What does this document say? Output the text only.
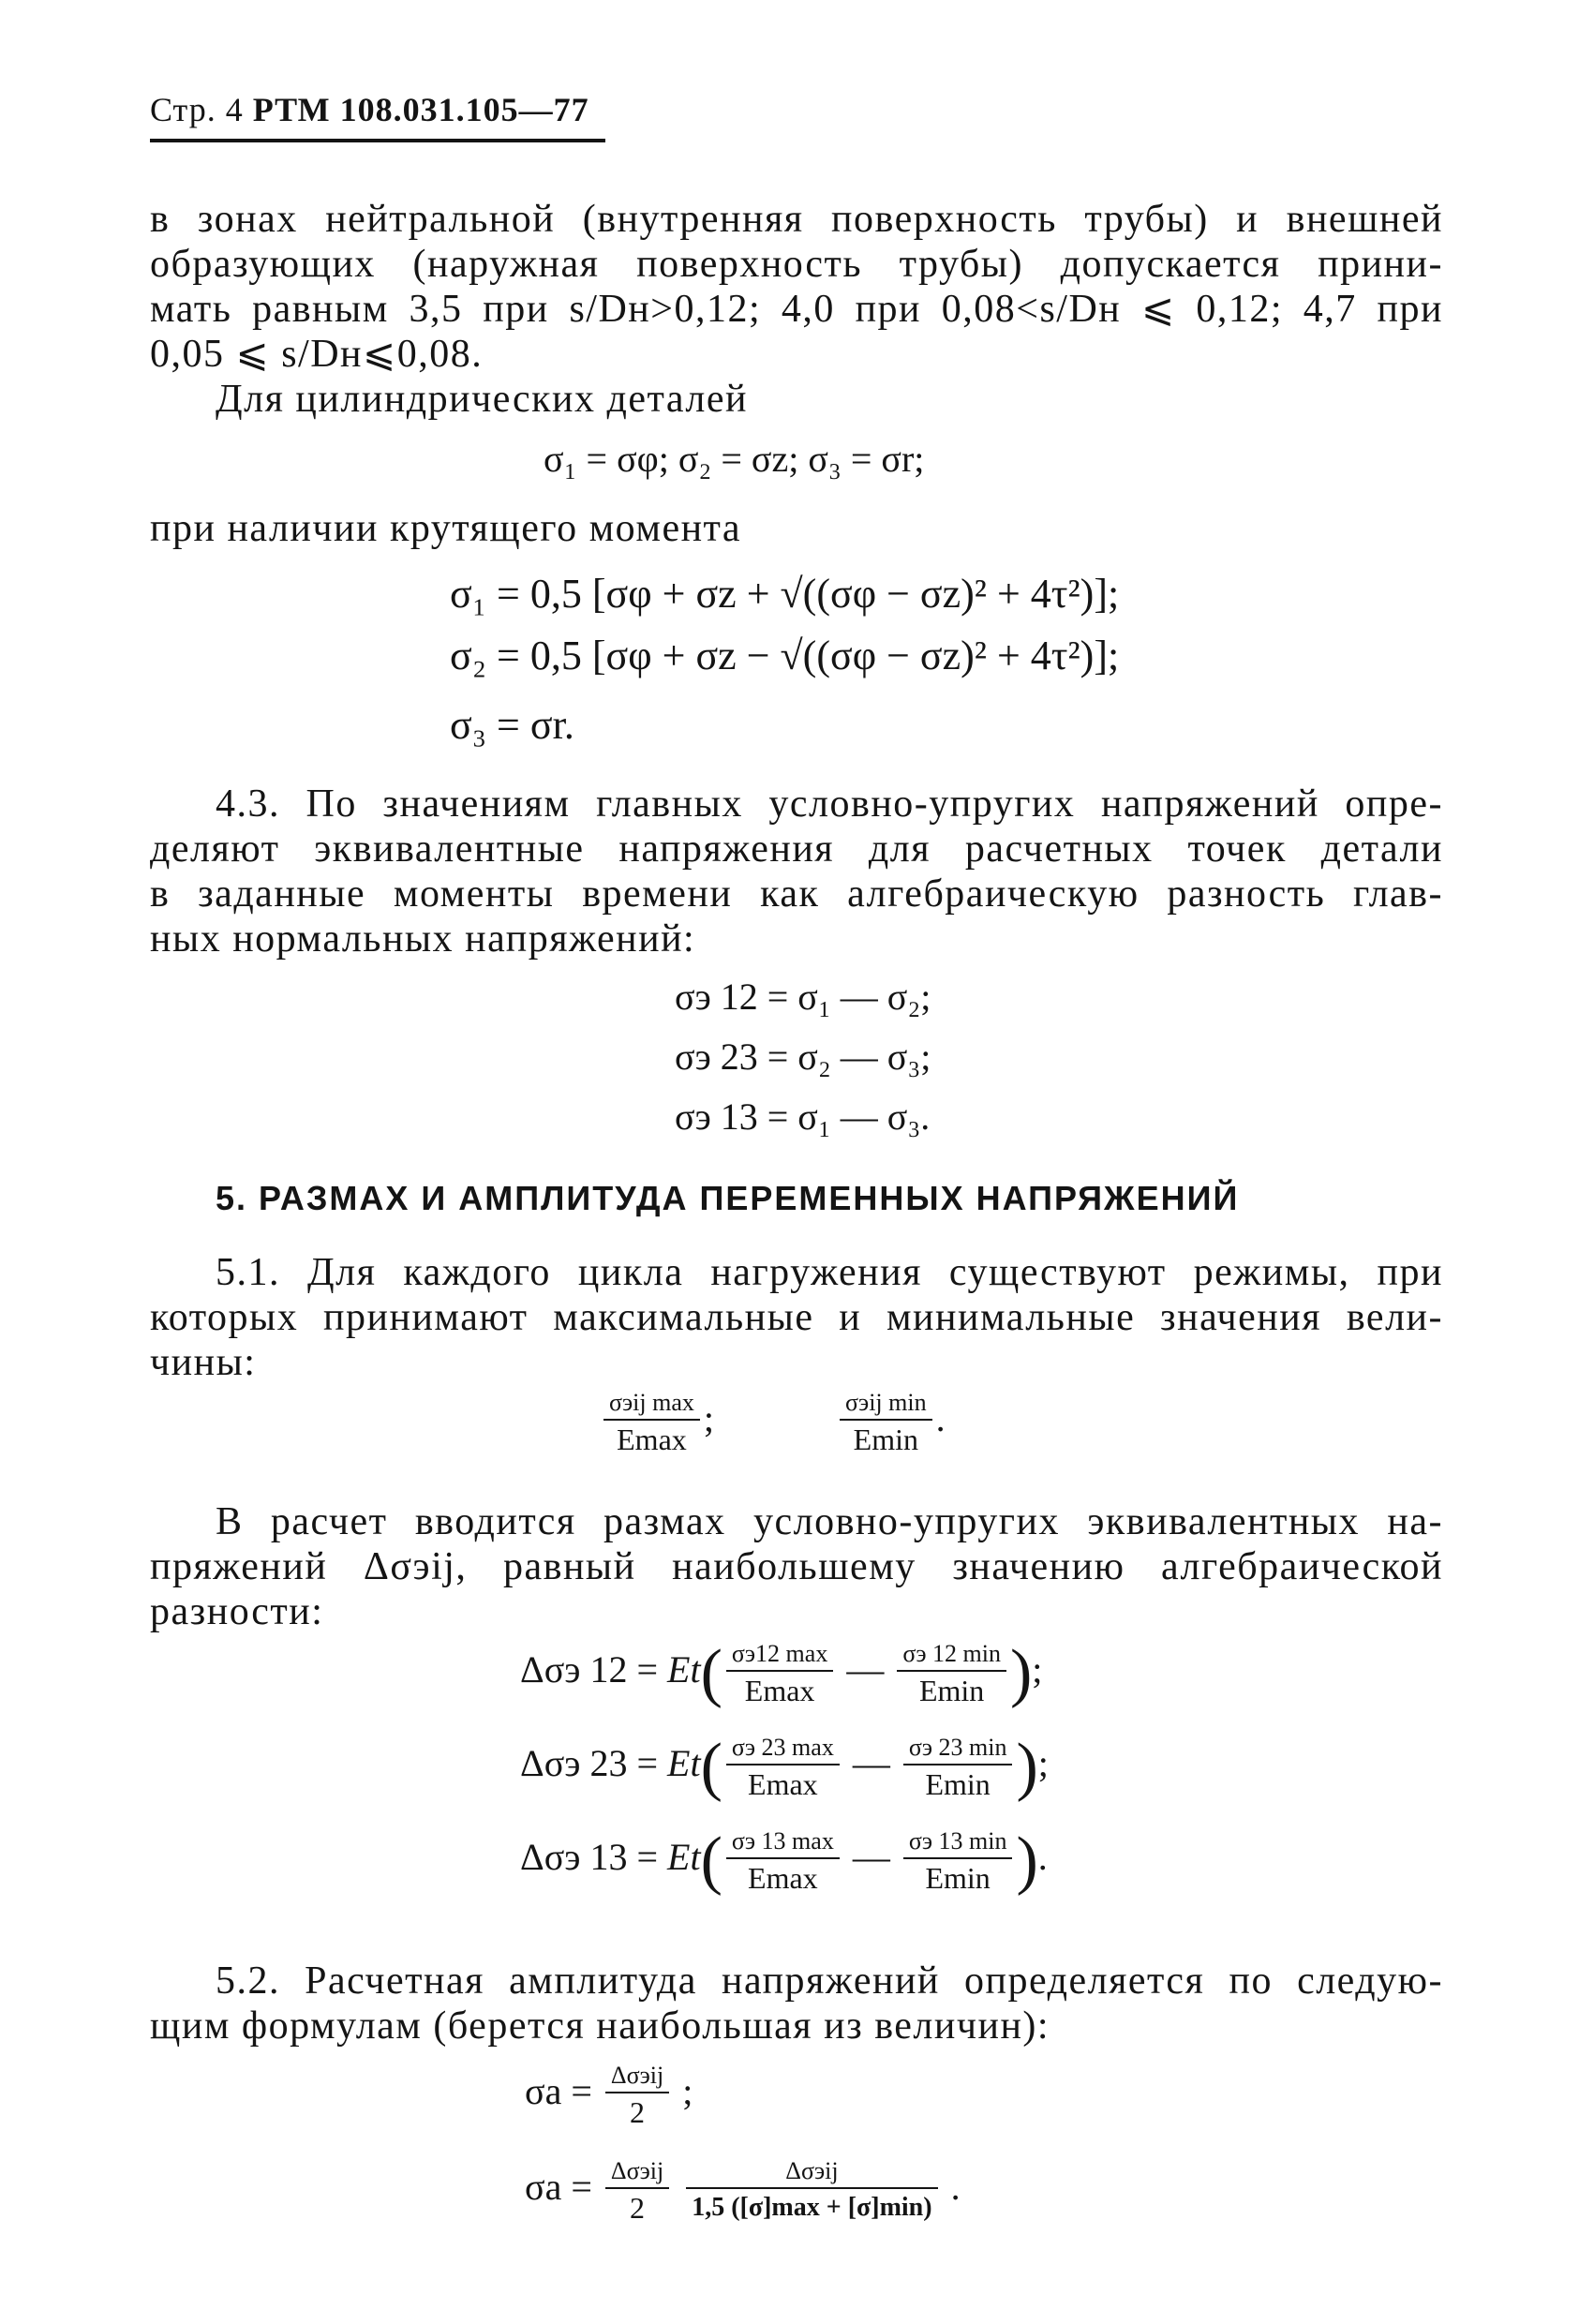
Стр. 4 РТМ 108.031.105—77
в зонах нейтральной (внутренняя поверхность трубы) и внешней
образующих (наружная поверхность трубы) допускается прини-
мать равным 3,5 при s/Dн>0,12; 4,0 при 0,08<s/Dн ⩽ 0,12; 4,7 при
0,05 ⩽ s/Dн⩽0,08.
Для цилиндрических деталей
σ₁ = σφ; σ₂ = σz; σ₃ = σr;
при наличии крутящего момента
σ₁ = 0,5 [σφ + σz + √((σφ − σz)² + 4τ²)];
σ₂ = 0,5 [σφ + σz − √((σφ − σz)² + 4τ²)];
σ₃ = σr.
4.3. По значениям главных условно-упругих напряжений опре-
деляют эквивалентные напряжения для расчетных точек детали
в заданные моменты времени как алгебраическую разность глав-
ных нормальных напряжений:
σэ 12 = σ₁ — σ₂;
σэ 23 = σ₂ — σ₃;
σэ 13 = σ₁ — σ₃.
5. РАЗМАХ И АМПЛИТУДА ПЕРЕМЕННЫХ НАПРЯЖЕНИЙ
5.1. Для каждого цикла нагружения существуют режимы, при
которых принимают максимальные и минимальные значения вели-
чины:
$\frac{\text{σэij max}}{Emax}$ ;	$\frac{\text{σэij min}}{Emin}$ .
В расчет вводится размах условно-упругих эквивалентных на-
пряжений Δσэij, равный наибольшему значению алгебраической
разности:
Δσэ $12 = Et( \frac{\sigma э12 \max}{Emax}$ — $\frac{\sigma э 12 \min}{Emin}$ );
Δσэ $23 = Et( \frac{\sigma э 23 \max}{Emax}$ — $\frac{\sigma э 23 \min}{Emin}$ );
Δσэ $13 = Et( \frac{\sigma э 13 \max}{Emax}$ — $\frac{\sigma э 13 \min}{Emin}$ ).
5.2. Расчетная амплитуда напряжений определяется по следую-
щим формулам (берется наибольшая из величин):
$\sigma a = \frac{\text{Δσэij}}{2}$ ;
$\sigma a = \frac{\text{Δσэij}}{2}$
$\frac{\text{Δσэij}}{1,5 ([\sigma]\max + [\sigma]\min)}$ .
